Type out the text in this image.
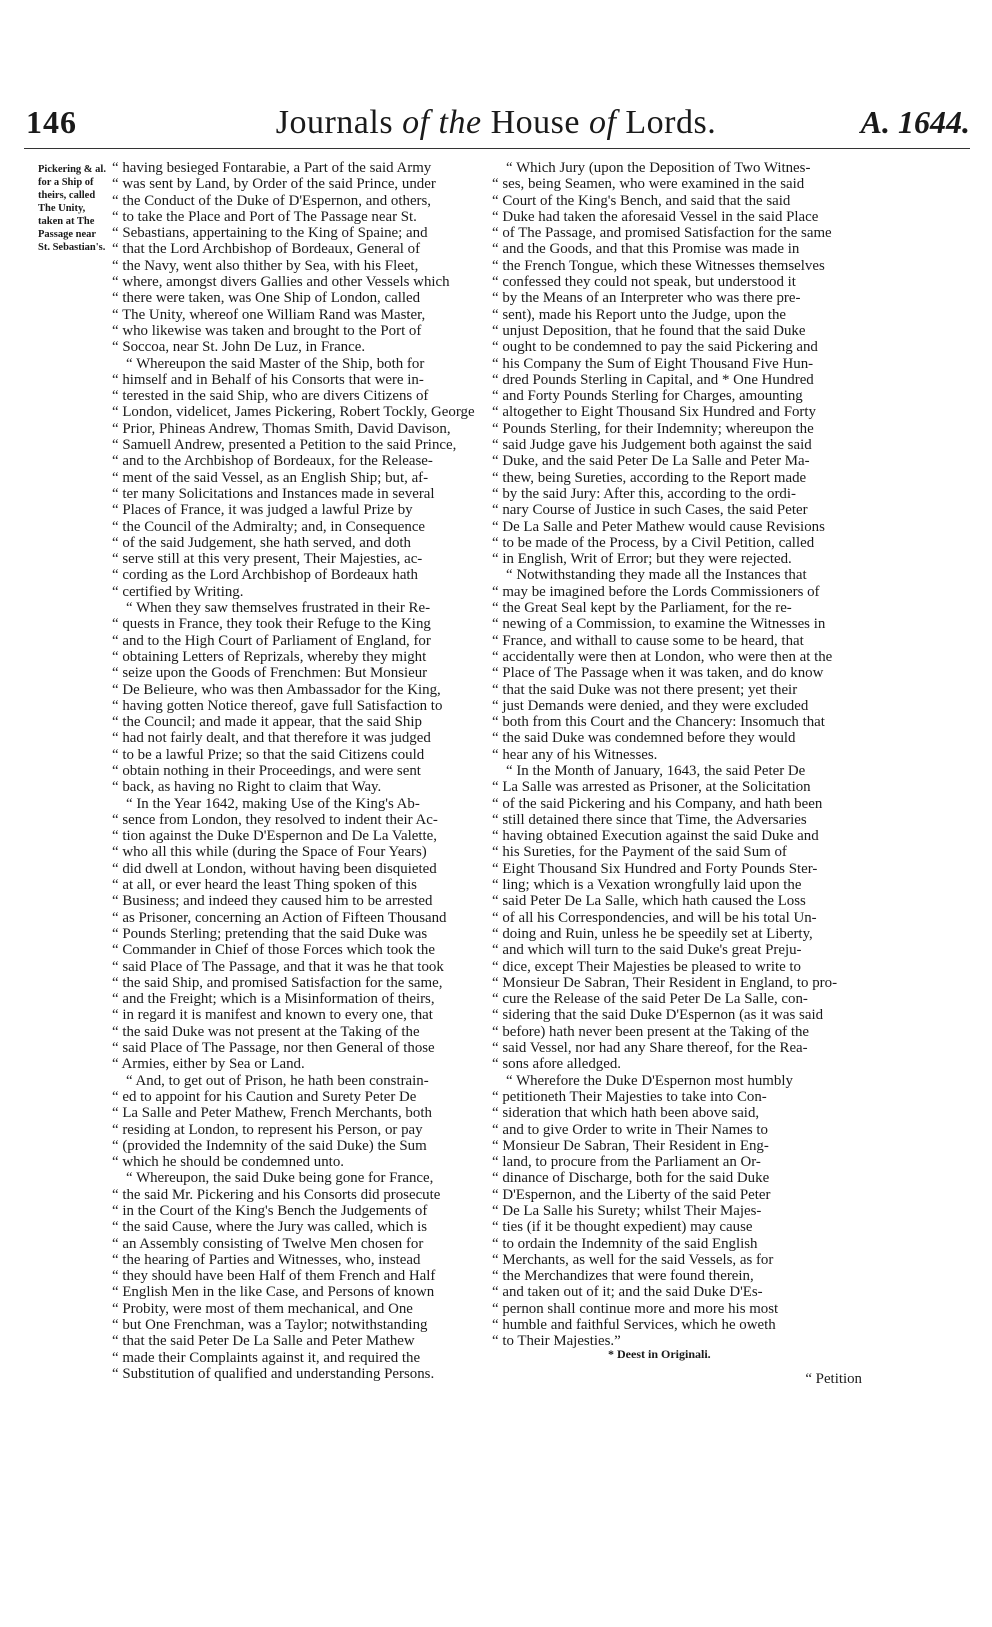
146	Journals of the House of Lords.	A. 1644.
Pickering & al. for a Ship of theirs, called The Unity, taken at The Passage near St. Sebastian's.

“ having besieged Fontarabie, a Part of the said Army
“ was sent by Land, by Order of the said Prince, under
“ the Conduct of the Duke of D'Espernon, and others,
“ to take the Place and Port of The Passage near St.
“ Sebastians, appertaining to the King of Spaine; and
“ that the Lord Archbishop of Bordeaux, General of
“ the Navy, went also thither by Sea, with his Fleet,
“ where, amongst divers Gallies and other Vessels which
“ there were taken, was One Ship of London, called
“ The Unity, whereof one William Rand was Master,
“ who likewise was taken and brought to the Port of
“ Soccoa, near St. John De Luz, in France.

“ Whereupon the said Master of the Ship, both for
“ himself and in Behalf of his Consorts that were in-
“ terested in the said Ship, who are divers Citizens of
“ London, videlicet, James Pickering, Robert Tockly, George
“ Prior, Phineas Andrew, Thomas Smith, David Davison,
“ Samuell Andrew, presented a Petition to the said Prince,
“ and to the Archbishop of Bordeaux, for the Release-
“ ment of the said Vessel, as an English Ship; but, af-
“ ter many Solicitations and Instances made in several
“ Places of France, it was judged a lawful Prize by
“ the Council of the Admiralty; and, in Consequence
“ of the said Judgement, she hath served, and doth
“ serve still at this very present, Their Majesties, ac-
“ cording as the Lord Archbishop of Bordeaux hath
“ certified by Writing.

“ When they saw themselves frustrated in their Re-
“ quests in France, they took their Refuge to the King
“ and to the High Court of Parliament of England, for
“ obtaining Letters of Reprizals, whereby they might
“ seize upon the Goods of Frenchmen: But Monsieur
“ De Belieure, who was then Ambassador for the King,
“ having gotten Notice thereof, gave full Satisfaction to
“ the Council; and made it appear, that the said Ship
“ had not fairly dealt, and that therefore it was judged
“ to be a lawful Prize; so that the said Citizens could
“ obtain nothing in their Proceedings, and were sent
“ back, as having no Right to claim that Way.

“ In the Year 1642, making Use of the King's Ab-
“ sence from London, they resolved to indent their Ac-
“ tion against the Duke D'Espernon and De La Valette,
“ who all this while (during the Space of Four Years)
“ did dwell at London, without having been disquieted
“ at all, or ever heard the least Thing spoken of this
“ Business; and indeed they caused him to be arrested
“ as Prisoner, concerning an Action of Fifteen Thousand
“ Pounds Sterling; pretending that the said Duke was
“ Commander in Chief of those Forces which took the
“ said Place of The Passage, and that it was he that took
“ the said Ship, and promised Satisfaction for the same,
“ and the Freight; which is a Misinformation of theirs,
“ in regard it is manifest and known to every one, that
“ the said Duke was not present at the Taking of the
“ said Place of The Passage, nor then General of those
“ Armies, either by Sea or Land.

“ And, to get out of Prison, he hath been constrain-
“ ed to appoint for his Caution and Surety Peter De
“ La Salle and Peter Mathew, French Merchants, both
“ residing at London, to represent his Person, or pay
“ (provided the Indemnity of the said Duke) the Sum
“ which he should be condemned unto.

“ Whereupon, the said Duke being gone for France,
“ the said Mr. Pickering and his Consorts did prosecute
“ in the Court of the King's Bench the Judgements of
“ the said Cause, where the Jury was called, which is
“ an Assembly consisting of Twelve Men chosen for
“ the hearing of Parties and Witnesses, who, instead
“ they should have been Half of them French and Half
“ English Men in the like Case, and Persons of known
“ Probity, were most of them mechanical, and One
“ but One Frenchman, was a Taylor; notwithstanding
“ that the said Peter De La Salle and Peter Mathew
“ made their Complaints against it, and required the
“ Substitution of qualified and understanding Persons.

“ Which Jury (upon the Deposition of Two Witnes-
“ ses, being Seamen, who were examined in the said
“ Court of the King's Bench, and said that the said
“ Duke had taken the aforesaid Vessel in the said Place
“ of The Passage, and promised Satisfaction for the same
“ and the Goods, and that this Promise was made in
“ the French Tongue, which these Witnesses themselves
“ confessed they could not speak, but understood it
“ by the Means of an Interpreter who was there pre-
“ sent), made his Report unto the Judge, upon the
“ unjust Deposition, that he found that the said Duke
“ ought to be condemned to pay the said Pickering and
“ his Company the Sum of Eight Thousand Five Hun-
“ dred Pounds Sterling in Capital, and * One Hundred
“ and Forty Pounds Sterling for Charges, amounting
“ altogether to Eight Thousand Six Hundred and Forty
“ Pounds Sterling, for their Indemnity; whereupon the
“ said Judge gave his Judgement both against the said
“ Duke, and the said Peter De La Salle and Peter Ma-
“ thew, being Sureties, according to the Report made
“ by the said Jury: After this, according to the ordi-
“ nary Course of Justice in such Cases, the said Peter
“ De La Salle and Peter Mathew would cause Revisions
“ to be made of the Process, by a Civil Petition, called
“ in English, Writ of Error; but they were rejected.

“ Notwithstanding they made all the Instances that
“ may be imagined before the Lords Commissioners of
“ the Great Seal kept by the Parliament, for the re-
“ newing of a Commission, to examine the Witnesses in
“ France, and withall to cause some to be heard, that
“ accidentally were then at London, who were then at the
“ Place of The Passage when it was taken, and do know
“ that the said Duke was not there present; yet their
“ just Demands were denied, and they were excluded
“ both from this Court and the Chancery: Insomuch that
“ the said Duke was condemned before they would
“ hear any of his Witnesses.

“ In the Month of January, 1643, the said Peter De
“ La Salle was arrested as Prisoner, at the Solicitation
“ of the said Pickering and his Company, and hath been
“ still detained there since that Time, the Adversaries
“ having obtained Execution against the said Duke and
“ his Sureties, for the Payment of the said Sum of
“ Eight Thousand Six Hundred and Forty Pounds Ster-
“ ling; which is a Vexation wrongfully laid upon the
“ said Peter De La Salle, which hath caused the Loss
“ of all his Correspondencies, and will be his total Un-
“ doing and Ruin, unless he be speedily set at Liberty,
“ and which will turn to the said Duke's great Preju-
“ dice, except Their Majesties be pleased to write to
“ Monsieur De Sabran, Their Resident in England, to pro-
“ cure the Release of the said Peter De La Salle, con-
“ sidering that the said Duke D'Espernon (as it was said
“ before) hath never been present at the Taking of the
“ said Vessel, nor had any Share thereof, for the Rea-
“ sons afore alledged.

“ Wherefore the Duke D'Espernon most humbly
“ petitioneth Their Majesties to take into Con-
“ sideration that which hath been above said,
“ and to give Order to write in Their Names to
“ Monsieur De Sabran, Their Resident in Eng-
“ land, to procure from the Parliament an Or-
“ dinance of Discharge, both for the said Duke
“ D'Espernon, and the Liberty of the said Peter
“ De La Salle his Surety; whilst Their Majes-
“ ties (if it be thought expedient) may cause
“ to ordain the Indemnity of the said English
“ Merchants, as well for the said Vessels, as for
“ the Merchandizes that were found therein,
“ and taken out of it; and the said Duke D'Es-
“ pernon shall continue more and more his most
“ humble and faithful Services, which he oweth
“ to Their Majesties.”

* Deest in Originali.
“ Petition
